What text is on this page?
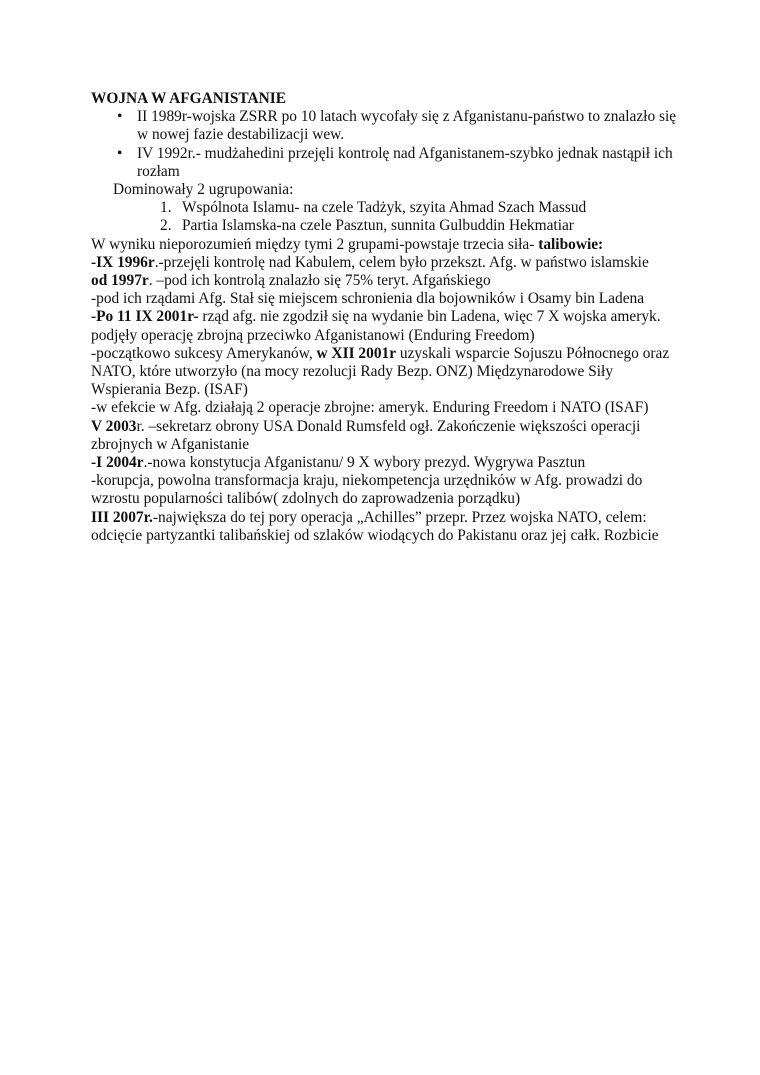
WOJNA W AFGANISTANIE

• II 1989r-wojska ZSRR po 10 latach wycofały się z Afganistanu-państwo to znalazło się w nowej fazie destabilizacji wew.
• IV 1992r.- mudżahedini przejęli kontrolę nad Afganistanem-szybko jednak nastąpił ich rozłam

Dominowały 2 ugrupowania:

1. Wspólnota Islamu- na czele Tadżyk, szyita Ahmad Szach Massud
2. Partia Islamska-na czele Pasztun, sunnita Gulbuddin Hekmatiar

W wyniku nieporozumień między tymi 2 grupami-powstaje trzecia siła- talibowie:

-IX 1996r.-przejęli kontrolę nad Kabulem, celem było przekszt. Afg. w państwo islamskie

od 1997r. –pod ich kontrolą znalazło się 75% teryt. Afgańskiego

-pod ich rządami Afg. Stał się miejscem schronienia dla bojowników i Osamy bin Ladena

-Po 11 IX 2001r- rząd afg. nie zgodził się na wydanie bin Ladena, więc 7 X wojska ameryk. podjęły operację zbrojną przeciwko Afganistanowi (Enduring Freedom)

-początkowo sukcesy Amerykanów, w XII 2001r uzyskali wsparcie Sojuszu Północnego oraz NATO, które utworzyło (na mocy rezolucji Rady Bezp. ONZ) Międzynarodowe Siły Wspierania Bezp. (ISAF)

-w efekcie w Afg. działają 2 operacje zbrojne: ameryk. Enduring Freedom i NATO (ISAF)

V 2003r. –sekretarz obrony USA Donald Rumsfeld ogł. Zakończenie większości operacji zbrojnych w Afganistanie

-I 2004r.-nowa konstytucja Afganistanu/ 9 X wybory prezyd. Wygrywa Pasztun

-korupcja, powolna transformacja kraju, niekompetencja urzędników w Afg. prowadzi do wzrostu popularności talibów( zdolnych do zaprowadzenia porządku)

III 2007r.-największa do tej pory operacja „Achilles” przepr. Przez wojska NATO, celem: odcięcie partyzantki talibańskiej od szlaków wiodących do Pakistanu oraz jej całk. Rozbicie
